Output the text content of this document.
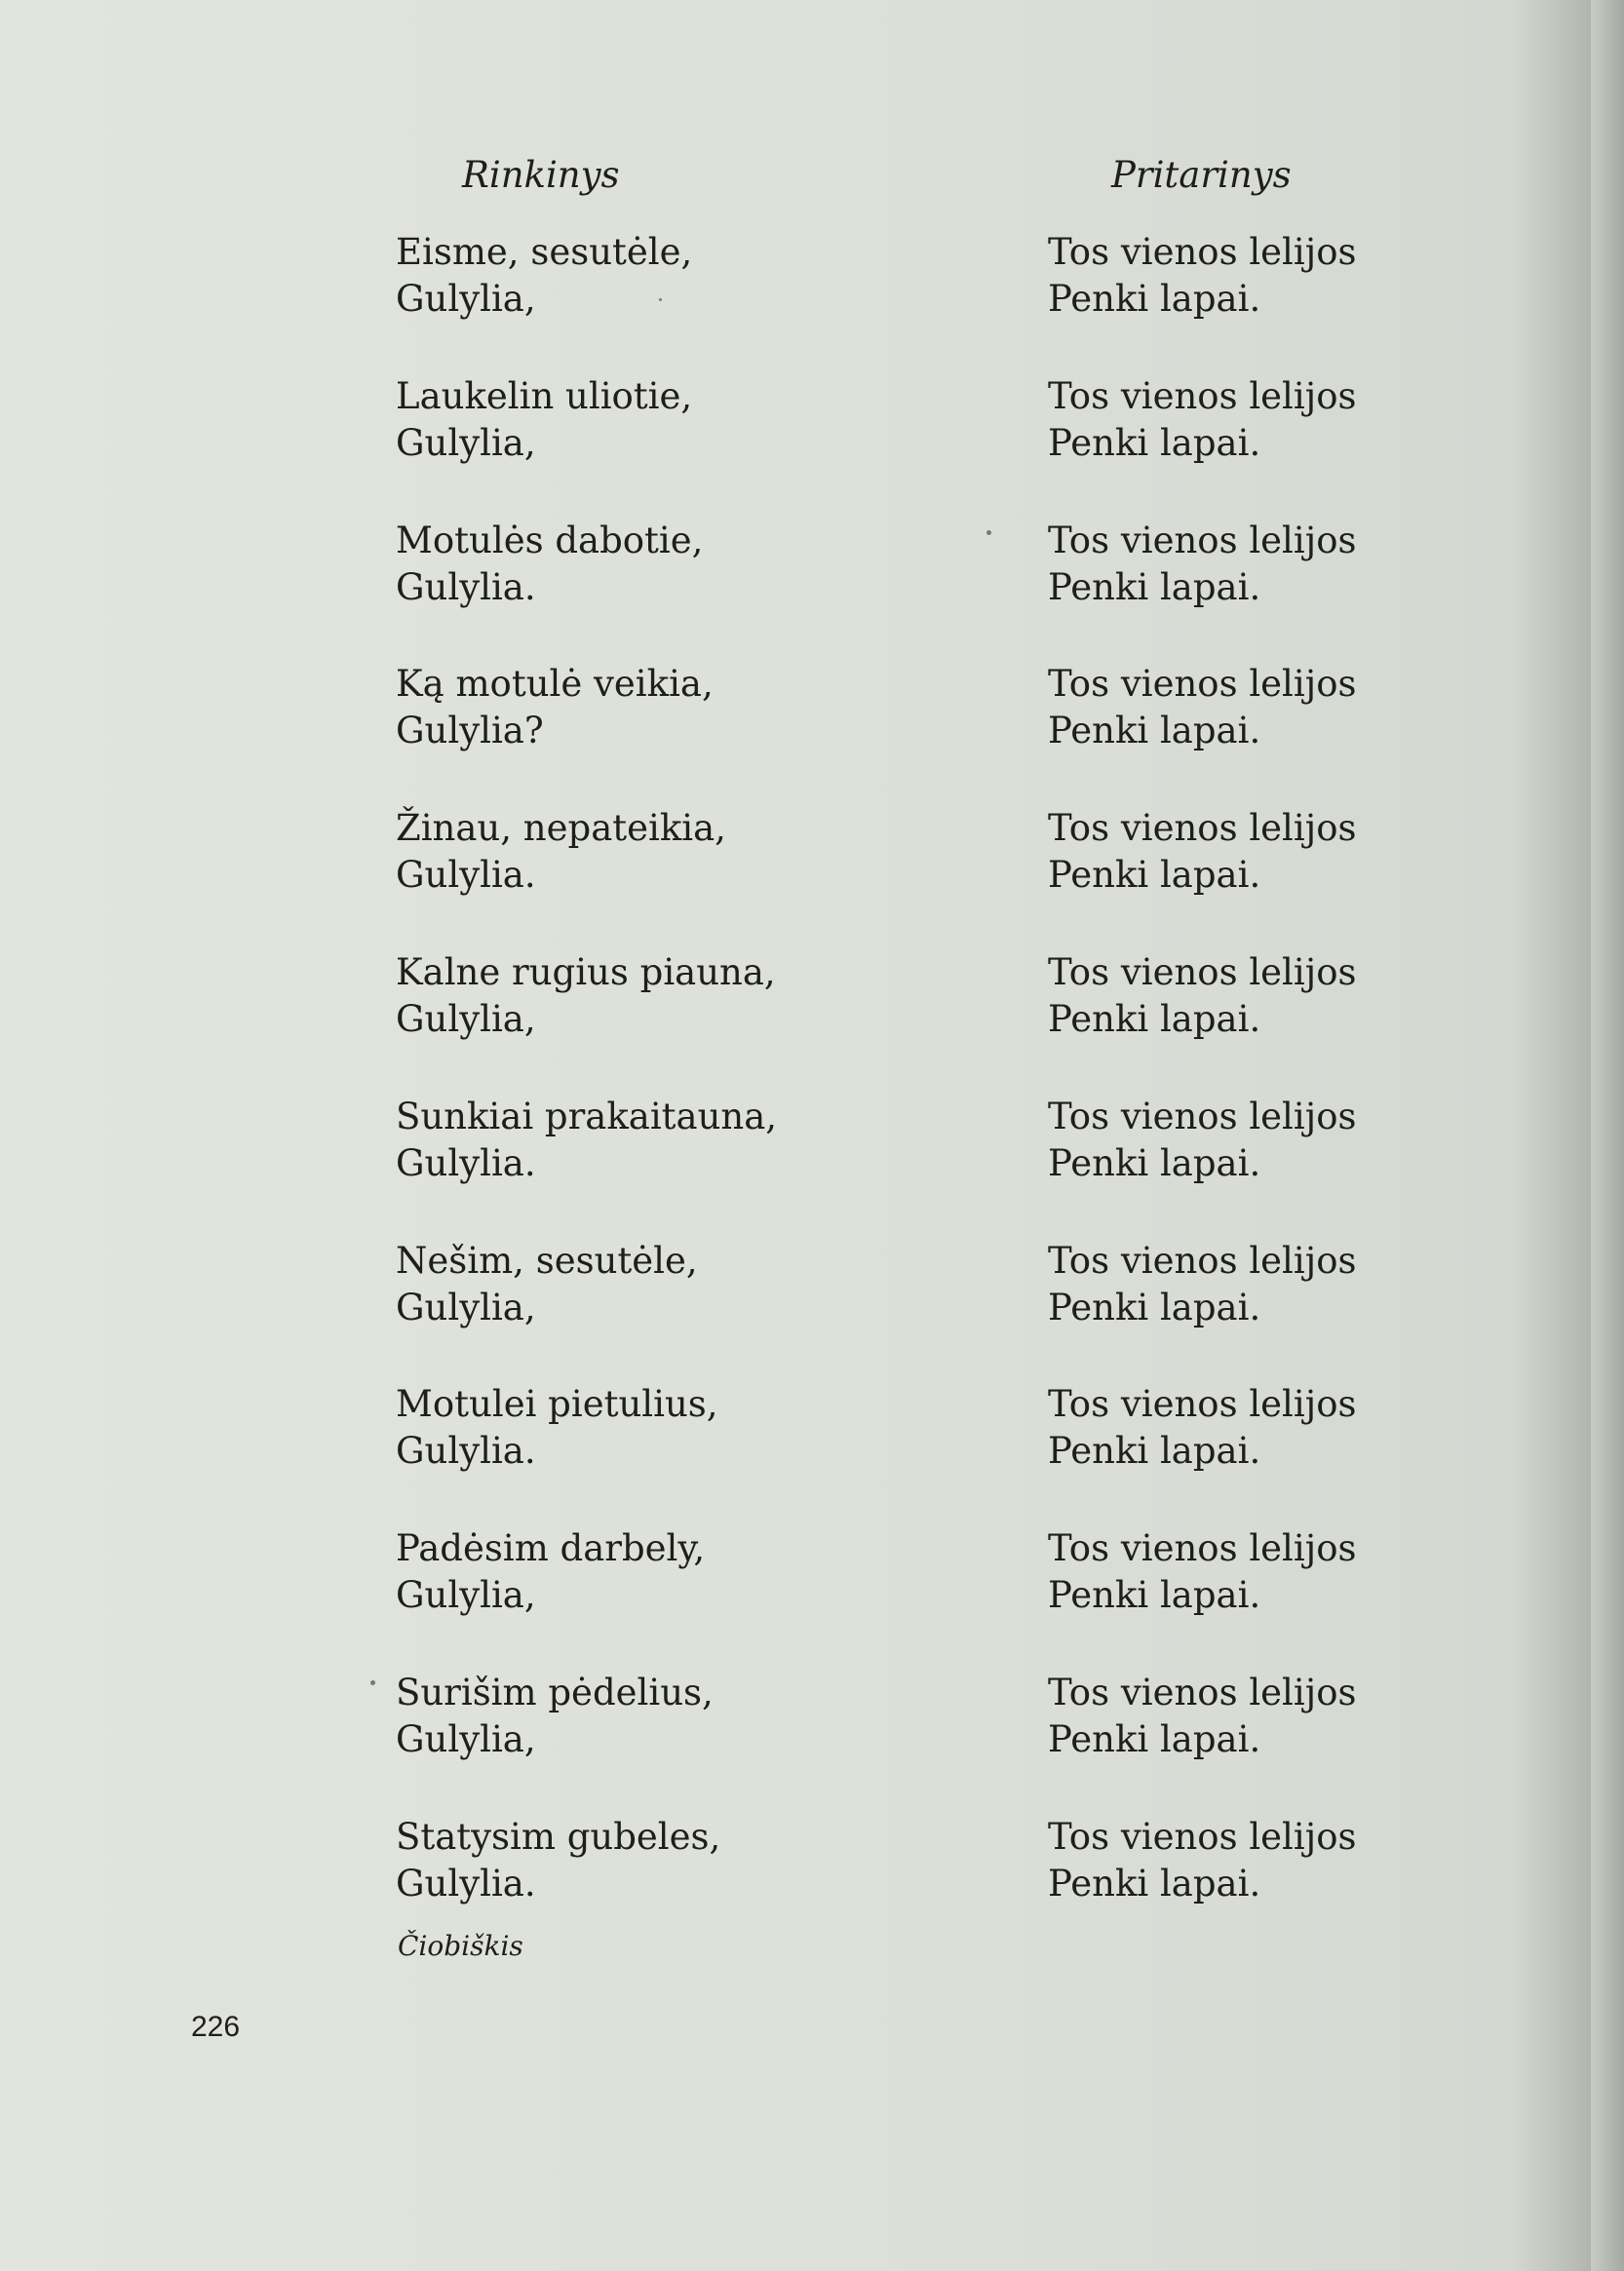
Rinkinys	Pritarinys
Eisme, sesutėle,
Gulylia,
Tos vienos lelijos
Penki lapai.
Laukelin uliotie,
Gulylia,
Tos vienos lelijos
Penki lapai.
Motulės dabotie,
Gulylia.
Tos vienos lelijos
Penki lapai.
Ką motulė veikia,
Gulylia?
Tos vienos lelijos
Penki lapai.
Žinau, nepateikia,
Gulylia.
Tos vienos lelijos
Penki lapai.
Kalne rugius piauna,
Gulylia,
Tos vienos lelijos
Penki lapai.
Sunkiai prakaitauna,
Gulylia.
Tos vienos lelijos
Penki lapai.
Nešim, sesutėle,
Gulylia,
Tos vienos lelijos
Penki lapai.
Motulei pietulius,
Gulylia.
Tos vienos lelijos
Penki lapai.
Padėsim darbely,
Gulylia,
Tos vienos lelijos
Penki lapai.
Surišim pėdelius,
Gulylia,
Tos vienos lelijos
Penki lapai.
Statysim gubeles,
Gulylia.
Tos vienos lelijos
Penki lapai.
Čiobiškis
226
